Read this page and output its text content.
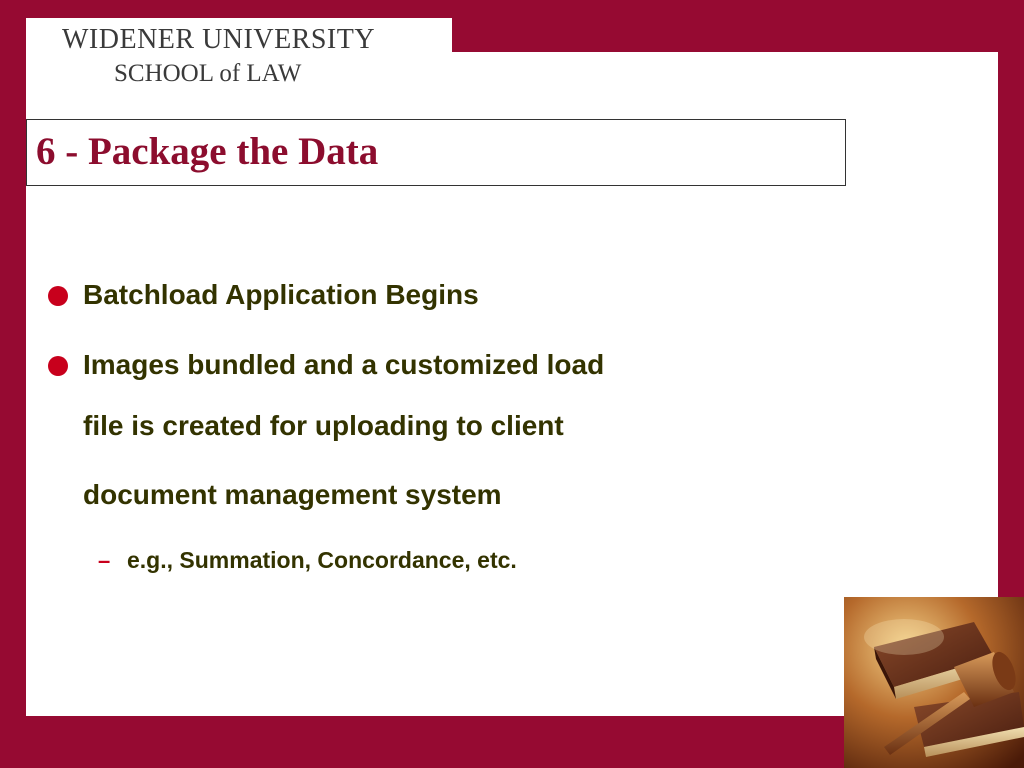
WIDENER UNIVERSITY
SCHOOL of LAW
6 - Package the Data
Batchload Application Begins
Images bundled and a customized load
file is created for uploading to client
document management system
– e.g., Summation, Concordance, etc.
